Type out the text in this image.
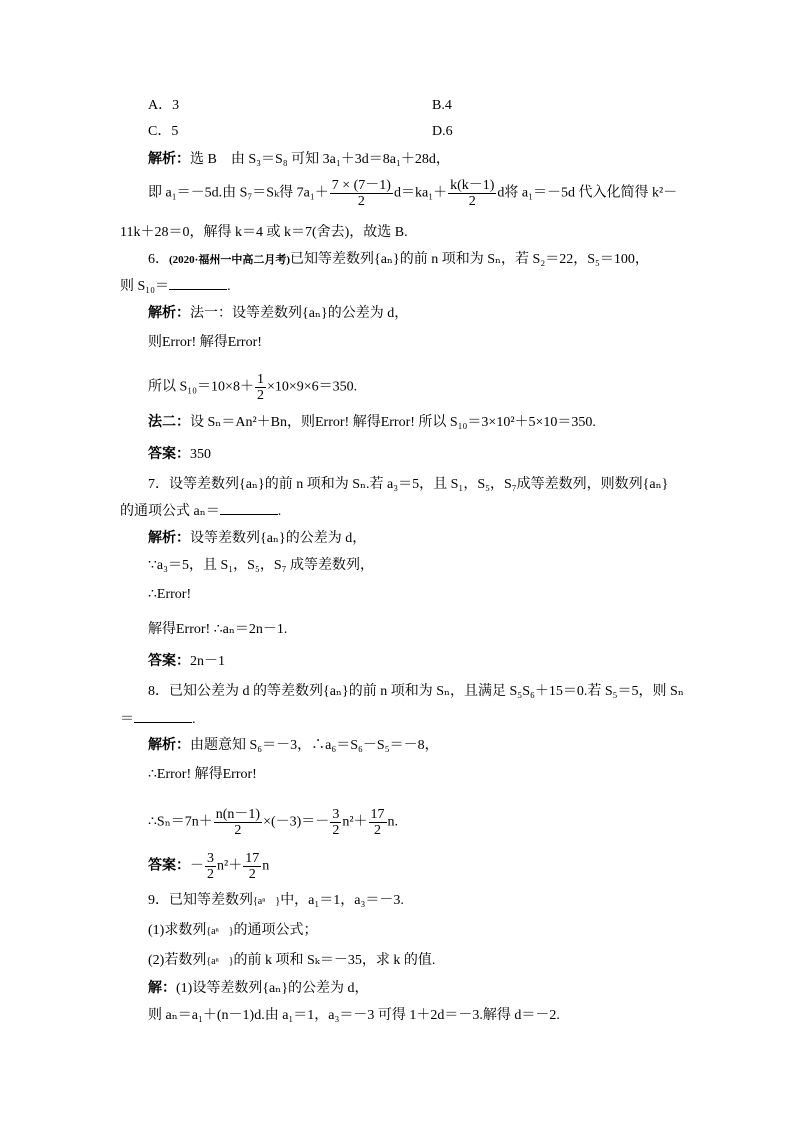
A．3	B.4
C．5	D.6
解析：选 B　由 S₃＝S₈ 可知 3a₁＋3d＝8a₁＋28d，
即 a₁＝－5d.由 S₇＝Sₖ得 $7a_1+ \frac{7 \times (7-1)}{2} d=ka_1+ \frac{k(k-1)}{2}$ d将 a₁＝－5d 代入化简得 k²－
11k＋28＝0，解得 k＝4 或 k＝7(舍去)，故选 B.
6．(2020·福州一中高二月考)已知等差数列{aₙ}的前 n 项和为 Sₙ，若 S₂＝22，S₅＝100，
则 S₁₀＝	.
解析：法一：设等差数列{aₙ}的公差为 d，
则Error! 解得Error!
所以 $S_{10}=10\times 8+ \frac{1}{2} \times 10\times 9\times 6=350$.
法二：设 Sₙ＝An²＋Bn，则Error! 解得Error! 所以 S₁₀＝3×10²＋5×10＝350.
答案：350
7．设等差数列{aₙ}的前 n 项和为 Sₙ.若 a₃＝5，且 S₁，S₅，S₇成等差数列，则数列{aₙ}
的通项公式 aₙ＝	.
解析：设等差数列{aₙ}的公差为 d，
∵a₃＝5，且 S₁，S₅，S₇ 成等差数列，
∴Error!
解得Error! ∴aₙ＝2n－1.
答案：2n－1
8．已知公差为 d 的等差数列{aₙ}的前 n 项和为 Sₙ，且满足 S₅S₆＋15＝0.若 S₅＝5，则 Sₙ
＝	.
解析：由题意知 S₆＝－3，∴a₆＝S₆－S₅＝－8，
∴Error! 解得Error!
∴Sₙ＝7n＋ $\frac{n(n-1)}{2} \times(-3)=- \frac{3}{2} n^2+ \frac{17}{2} n$.
答案：－ $\frac{3}{2} n^2+ \frac{17}{2}$ n
9．已知等差数列{aⁿ　}中，a₁＝1，a₃＝－3.
(1)求数列{aⁿ　}的通项公式；
(2)若数列{aⁿ　}的前 k 项和 Sₖ＝－35，求 k 的值.
解：(1)设等差数列{aₙ}的公差为 d，
则 aₙ＝a₁＋(n－1)d.由 a₁＝1，a₃＝－3 可得 1＋2d＝－3.解得 d＝－2.
